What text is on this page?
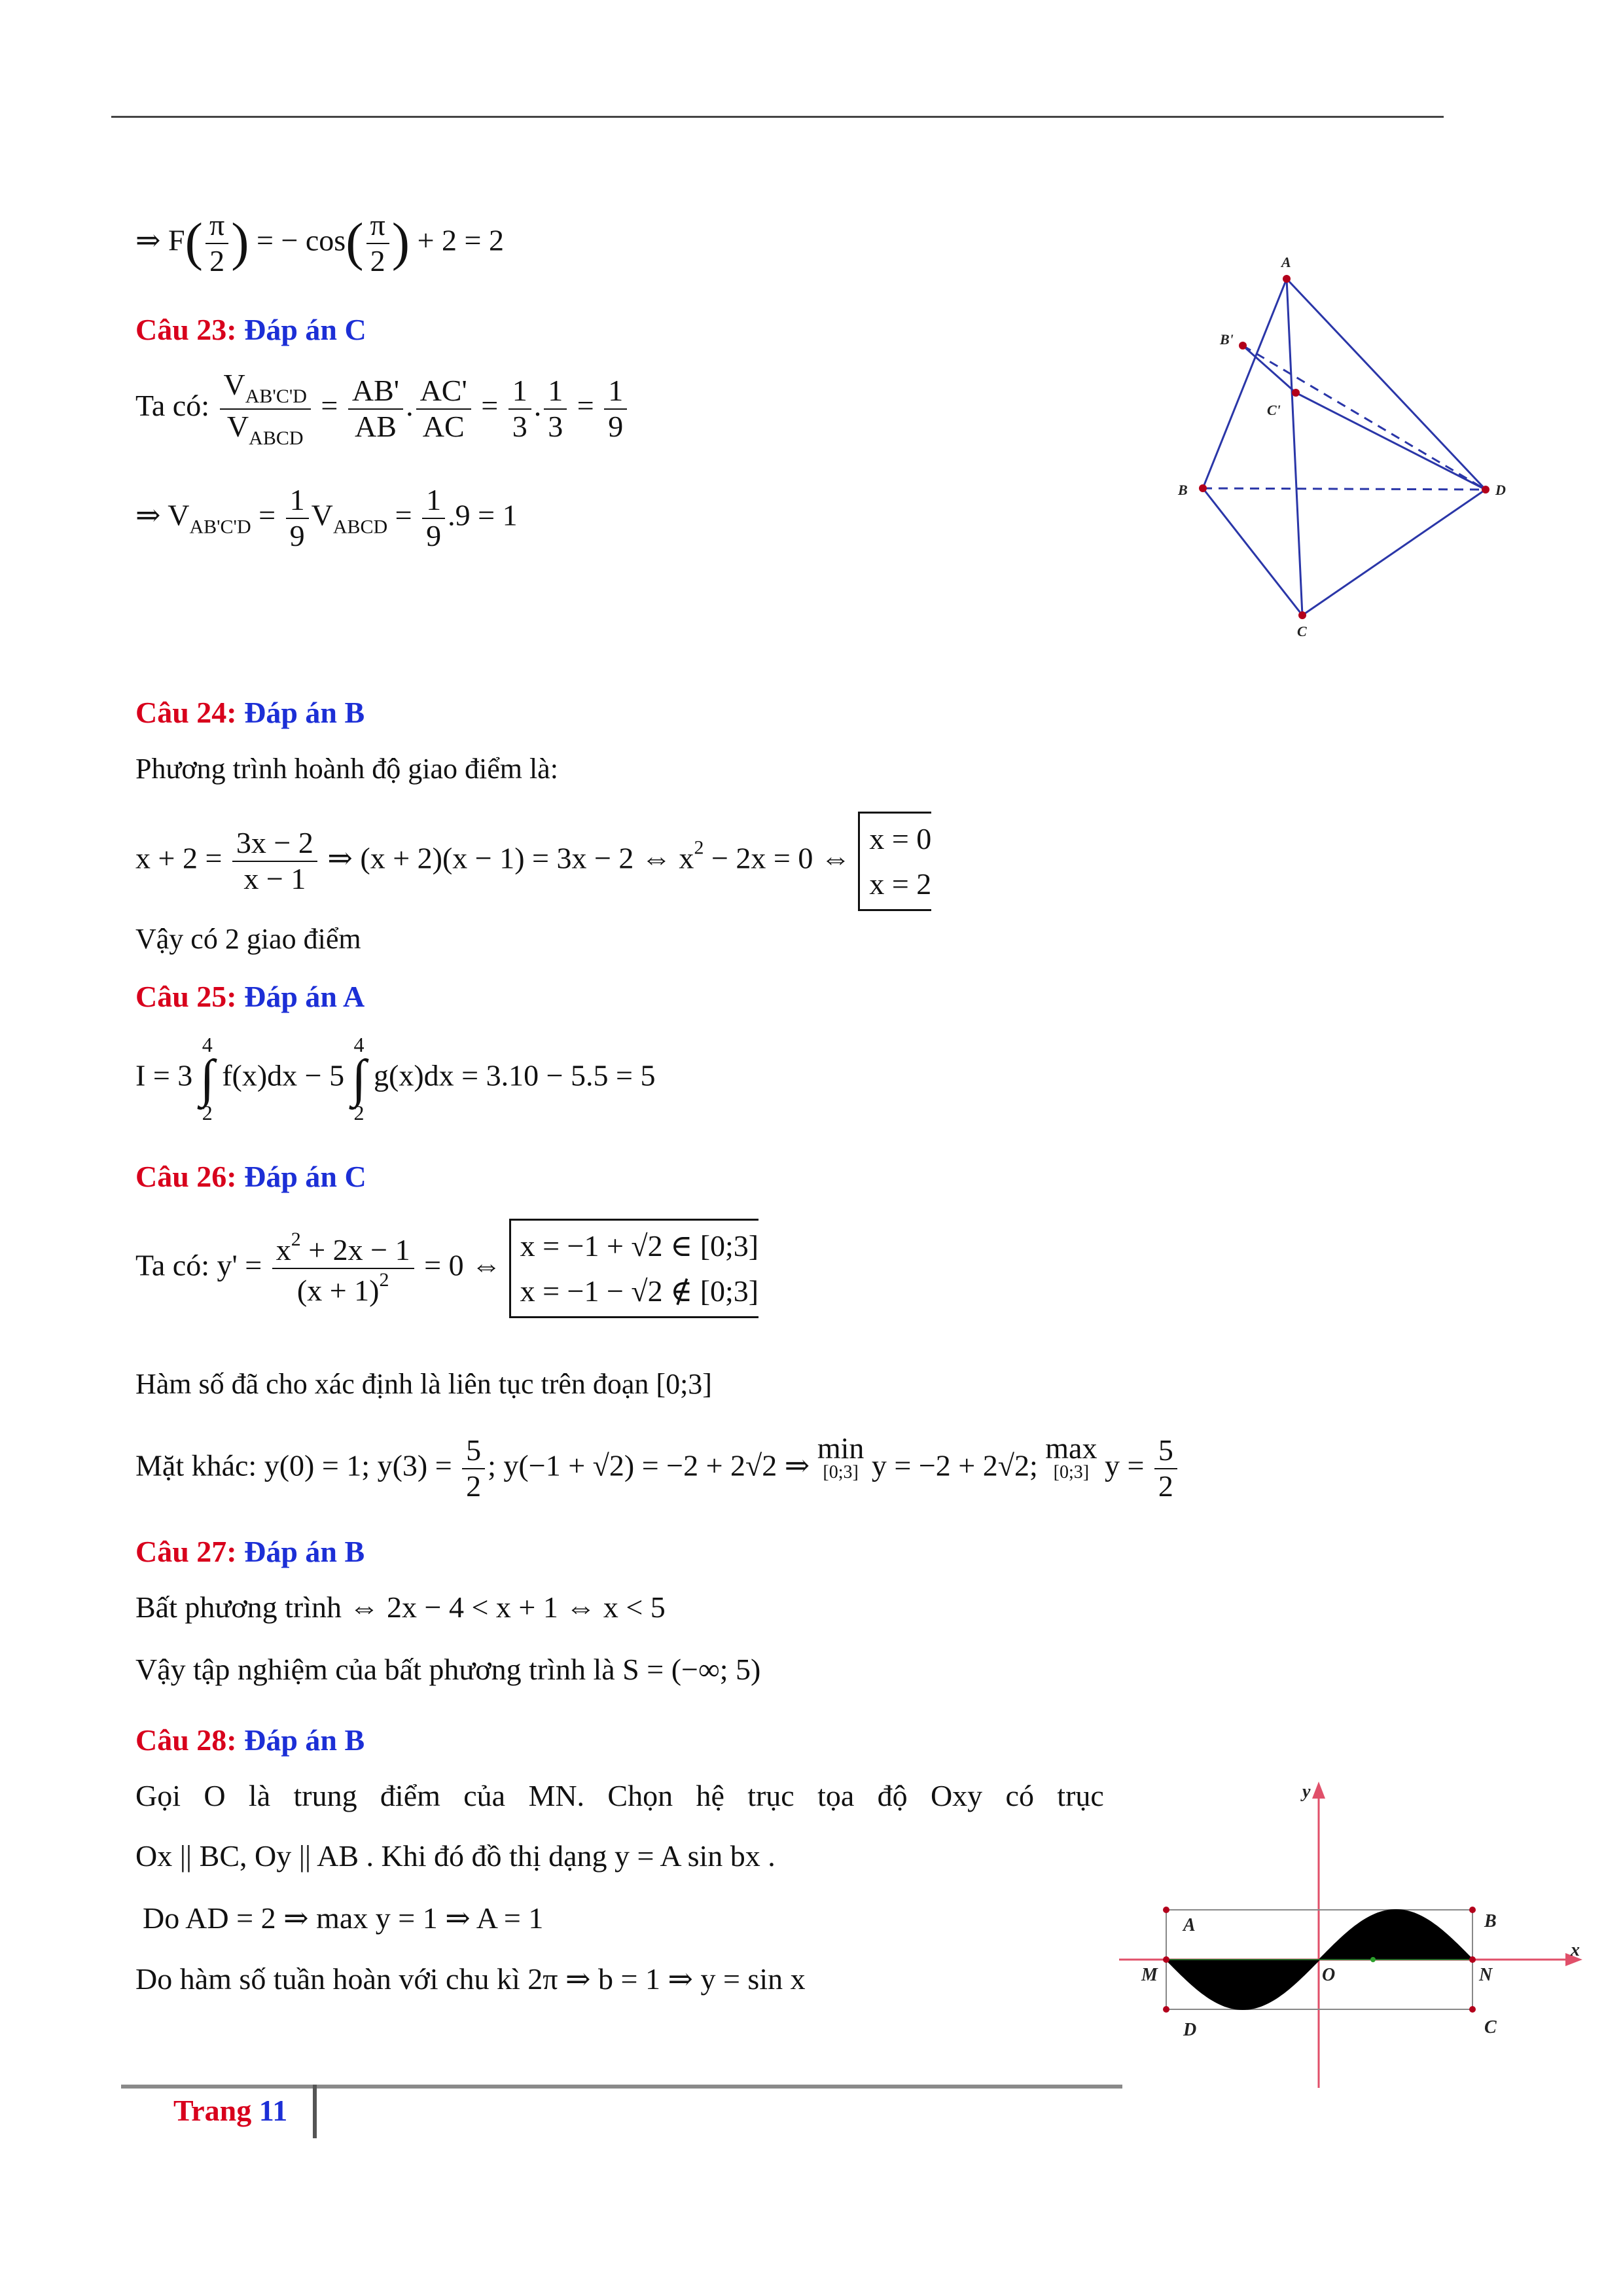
⇒ $F( \frac{\pi}{2}$ ) = − $\cos( \frac{\pi}{2}$ ) + 2 = 2
Câu 23: Đáp án C
Ta có: $\frac{V_{AB'C'D}}{V_{ABCD}} = \frac{AB'}{AB}$ . $\frac{AC'}{AC} = \frac{1}{3}$ . $\frac{1}{3} = \frac{1}{9}$
⇒ $V_{AB'C'D} = \frac{1}{9} V_{ABCD} = \frac{1}{9} .9 = 1$
A
B
C
D
B'
C'
Câu 24: Đáp án B
Phương trình hoành độ giao điểm là:
$x + 2 = \frac{3x - 2}{x - 1}$ ⇒ (x + 2)(x − 1) = 3x − 2 ⇔ $x^2 - 2x = 0$ ⇔
x = 0
x = 2
Vậy có 2 giao điểm
Câu 25: Đáp án A
I = 3 4
∫
2 f(x)dx − 5 4
∫
2 g(x)dx = 3.10 − 5.5 = 5
Câu 26: Đáp án C
Ta có: $y' = \frac{x^2 + 2x - 1}{(x + 1)^2} = 0$ ⇔
x = −1 + √2 ∈ [0;3]
x = −1 − √2 ∉ [0;3]
Hàm số đã cho xác định là liên tục trên đoạn [0;3]
Mặt khác: y(0) = 1; $y(3) = \frac{5}{2}$ ; y(−1 + √2) = −2 + 2√2 ⇒ min
[0;3] y = −2 + 2√2; max
[0;3] $y = \frac{5}{2}$
Câu 27: Đáp án B
Bất phương trình ⇔ 2x − 4 < x + 1 ⇔ x < 5
Vậy tập nghiệm của bất phương trình là S = (−∞; 5)
Câu 28: Đáp án B
Gọi O là trung điểm của MN. Chọn hệ trục tọa độ Oxy có trục
Ox || BC, Oy || AB . Khi đó đồ thị dạng y = A sin bx .
Do AD = 2 ⇒ max y = 1 ⇒ A = 1
Do hàm số tuần hoàn với chu kì 2π ⇒ b = 1 ⇒ y = sin x
y
x
A	B
C
D
M	N
O
Trang 11
